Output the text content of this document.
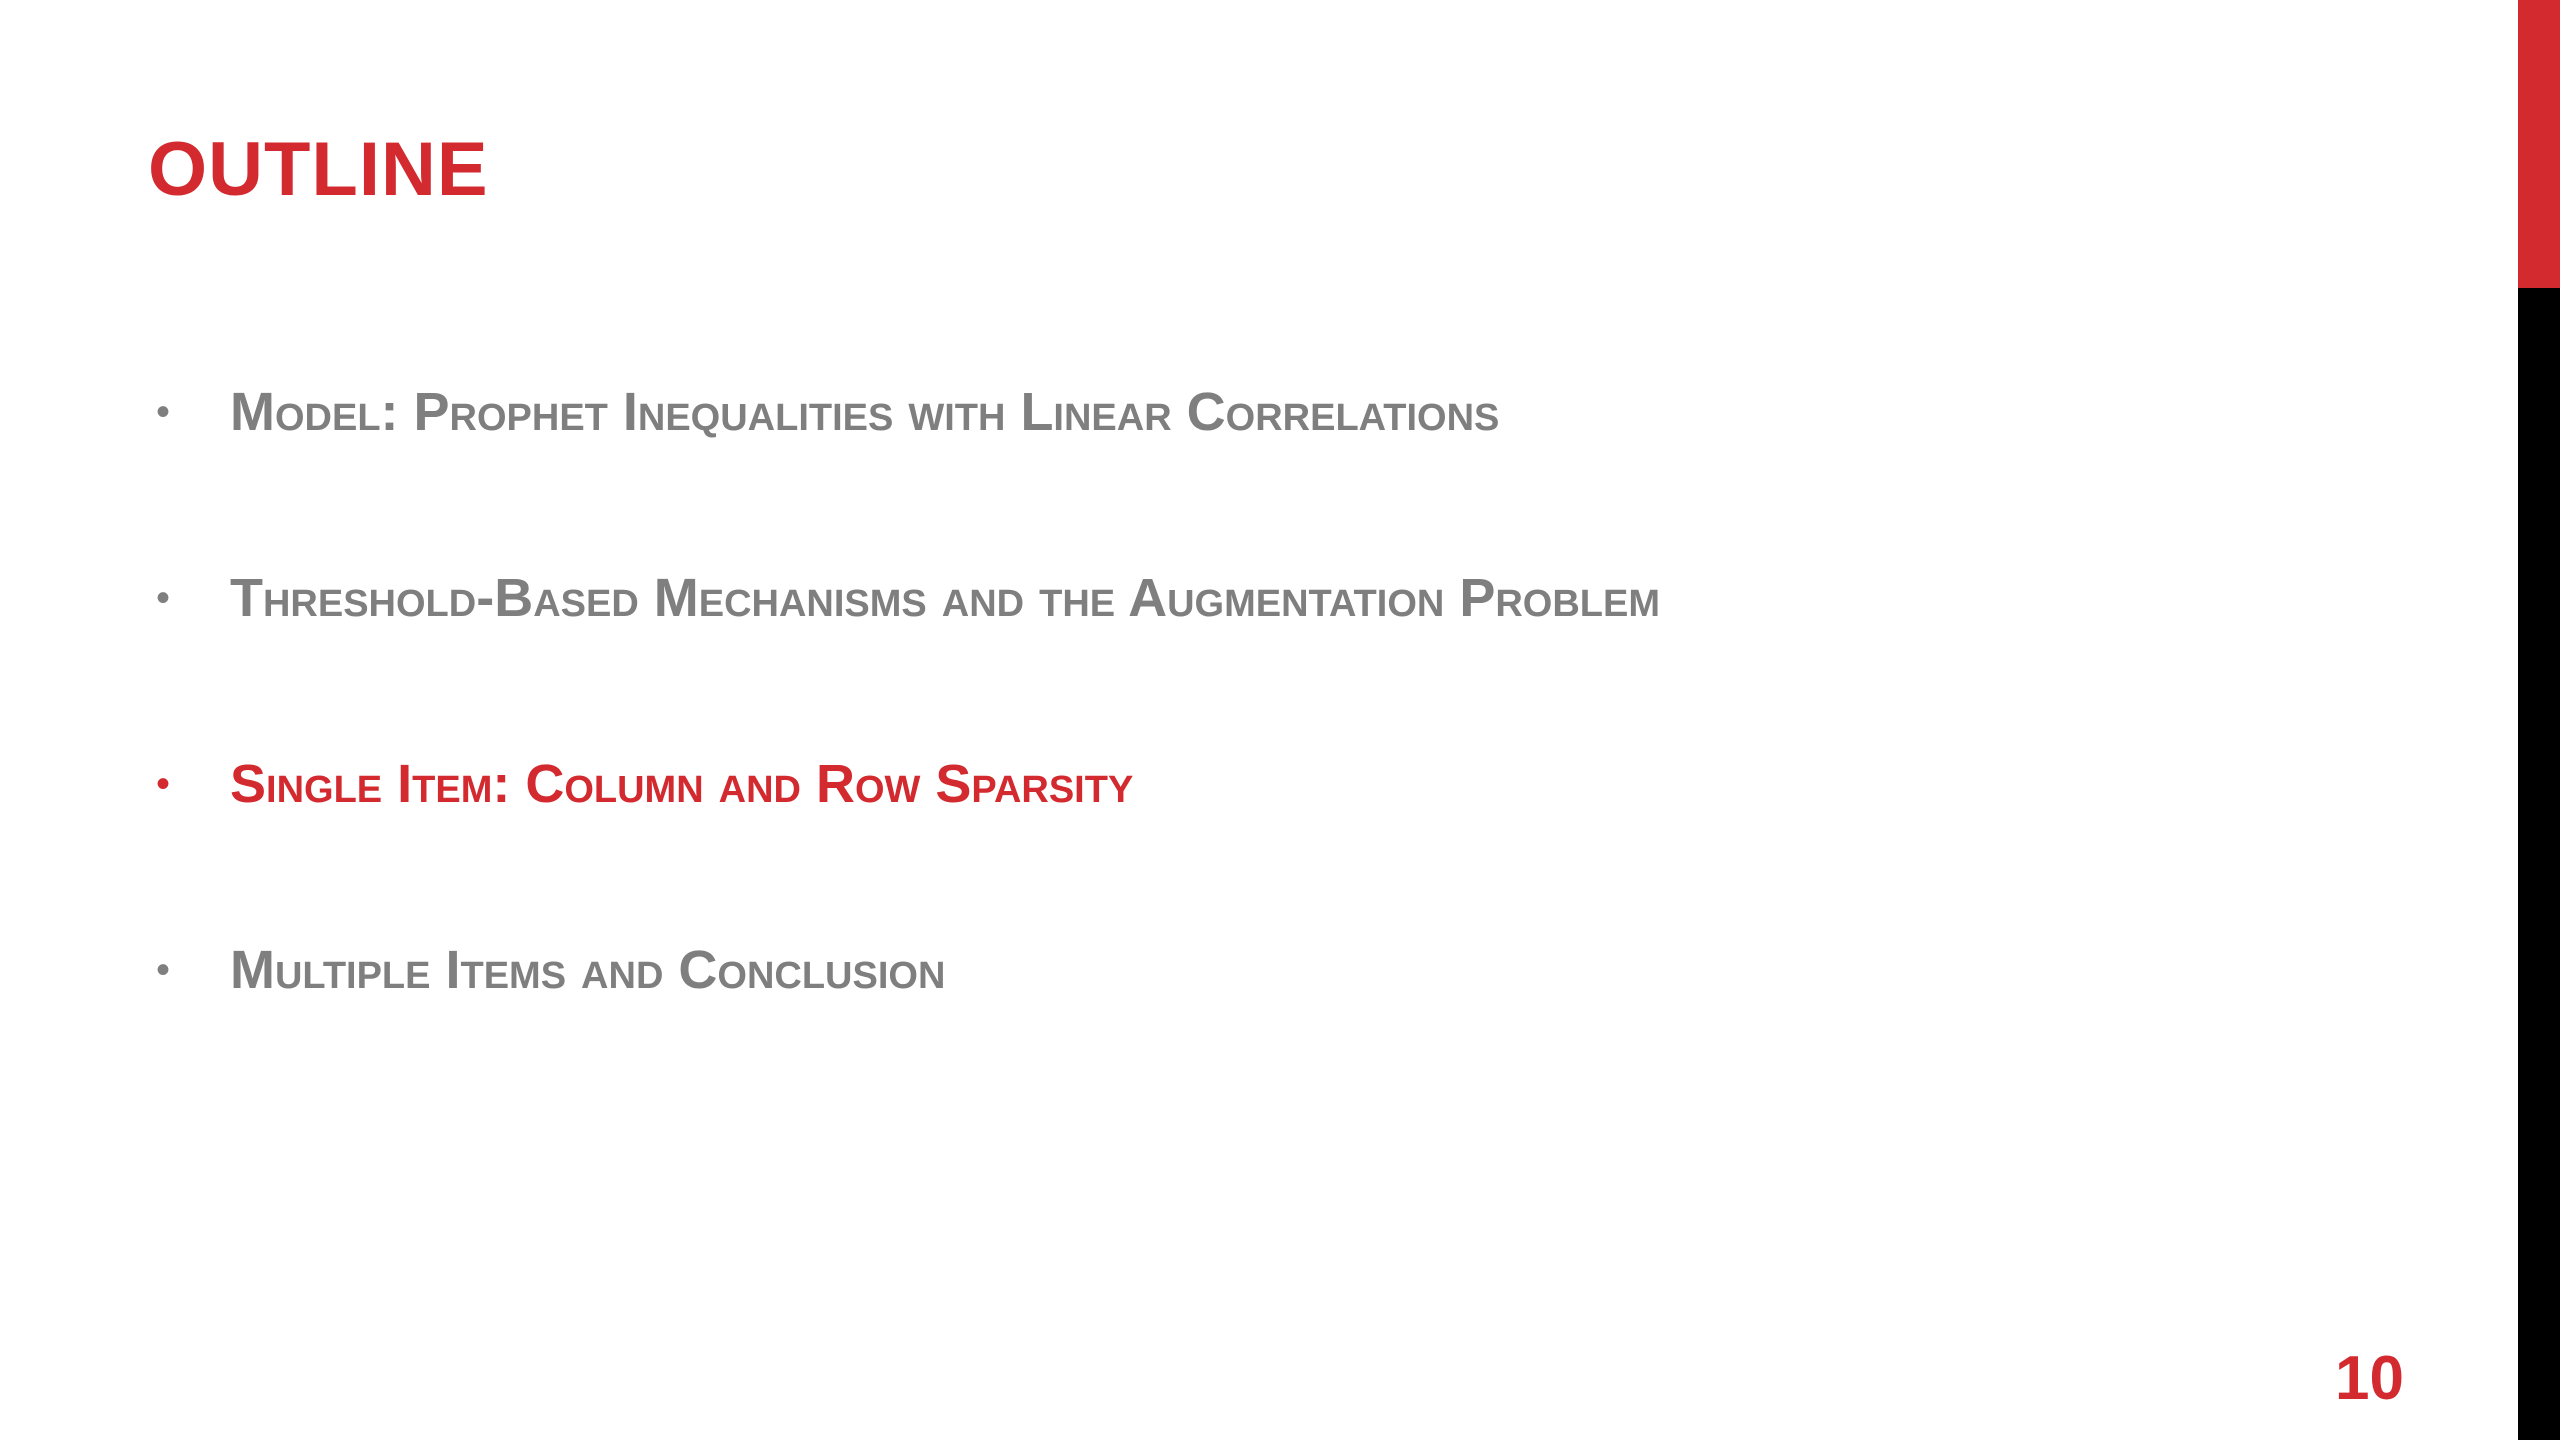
OUTLINE
•	Model: Prophet Inequalities with Linear Correlations
•	Threshold-Based Mechanisms and the Augmentation Problem
•	Single Item: Column and Row Sparsity
•	Multiple Items and Conclusion
10
